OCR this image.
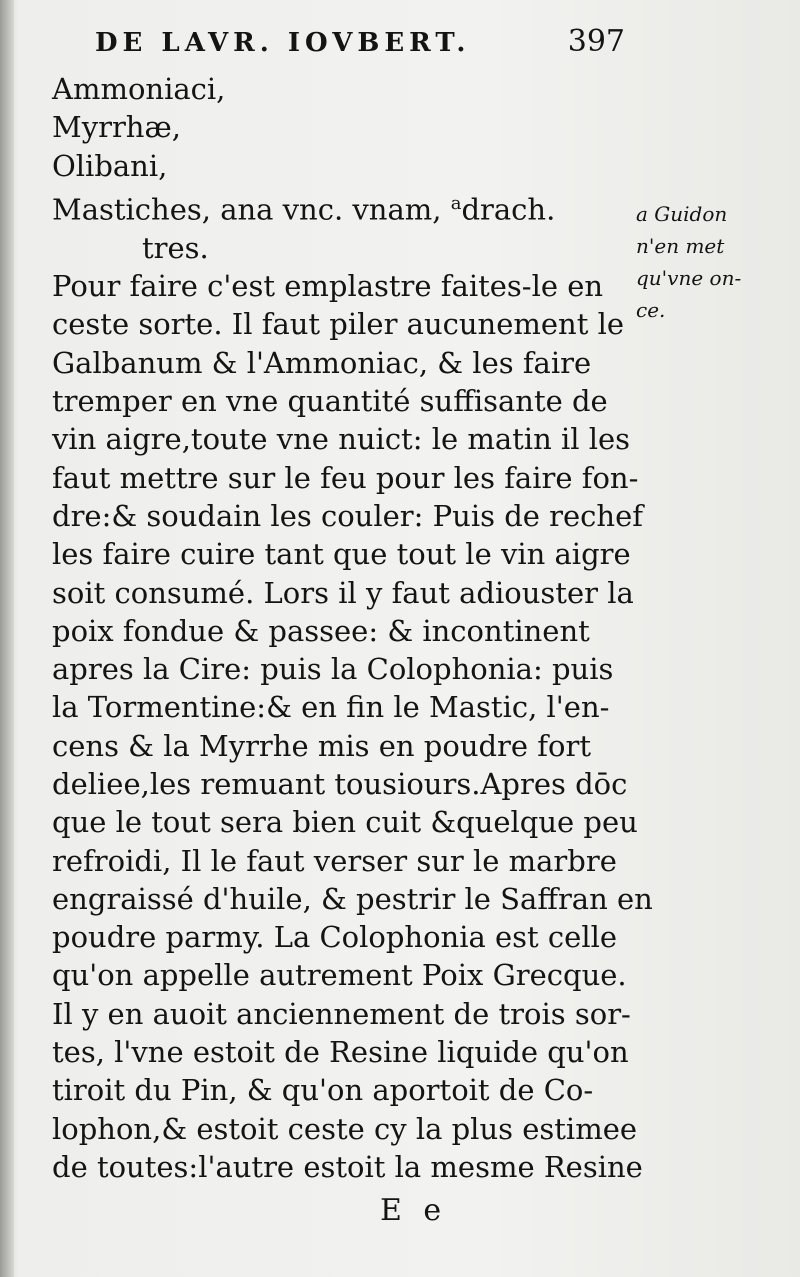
DE LAVR. IOVBERT.	397
Ammoniaci,
Myrrhæ,
Olibani,
Mastiches, ana vnc. vnam, $^a$drach.
tres.
Pour faire c'est emplastre faites-le en
ceste sorte. Il faut piler aucunement le
Galbanum & l'Ammoniac, & les faire
tremper en vne quantité suffisante de
vin aigre,toute vne nuict: le matin il les
faut mettre sur le feu pour les faire fon-
dre:& soudain les couler: Puis de rechef
les faire cuire tant que tout le vin aigre
soit consumé. Lors il y faut adiouster la
poix fondue & passee: & incontinent
apres la Cire: puis la Colophonia: puis
la Tormentine:& en fin le Mastic, l'en-
cens & la Myrrhe mis en poudre fort
deliee,les remuant tousiours.Apres dōc
que le tout sera bien cuit &quelque peu
refroidi, Il le faut verser sur le marbre
engraissé d'huile, & pestrir le Saffran en
poudre parmy. La Colophonia est celle
qu'on appelle autrement Poix Grecque.
Il y en auoit anciennement de trois sor-
tes, l'vne estoit de Resine liquide qu'on
tiroit du Pin, & qu'on aportoit de Co-
lophon,& estoit ceste cy la plus estimee
de toutes:l'autre estoit la mesme Resine
a Guidon
n'en met
qu'vne on-
ce.
E e
